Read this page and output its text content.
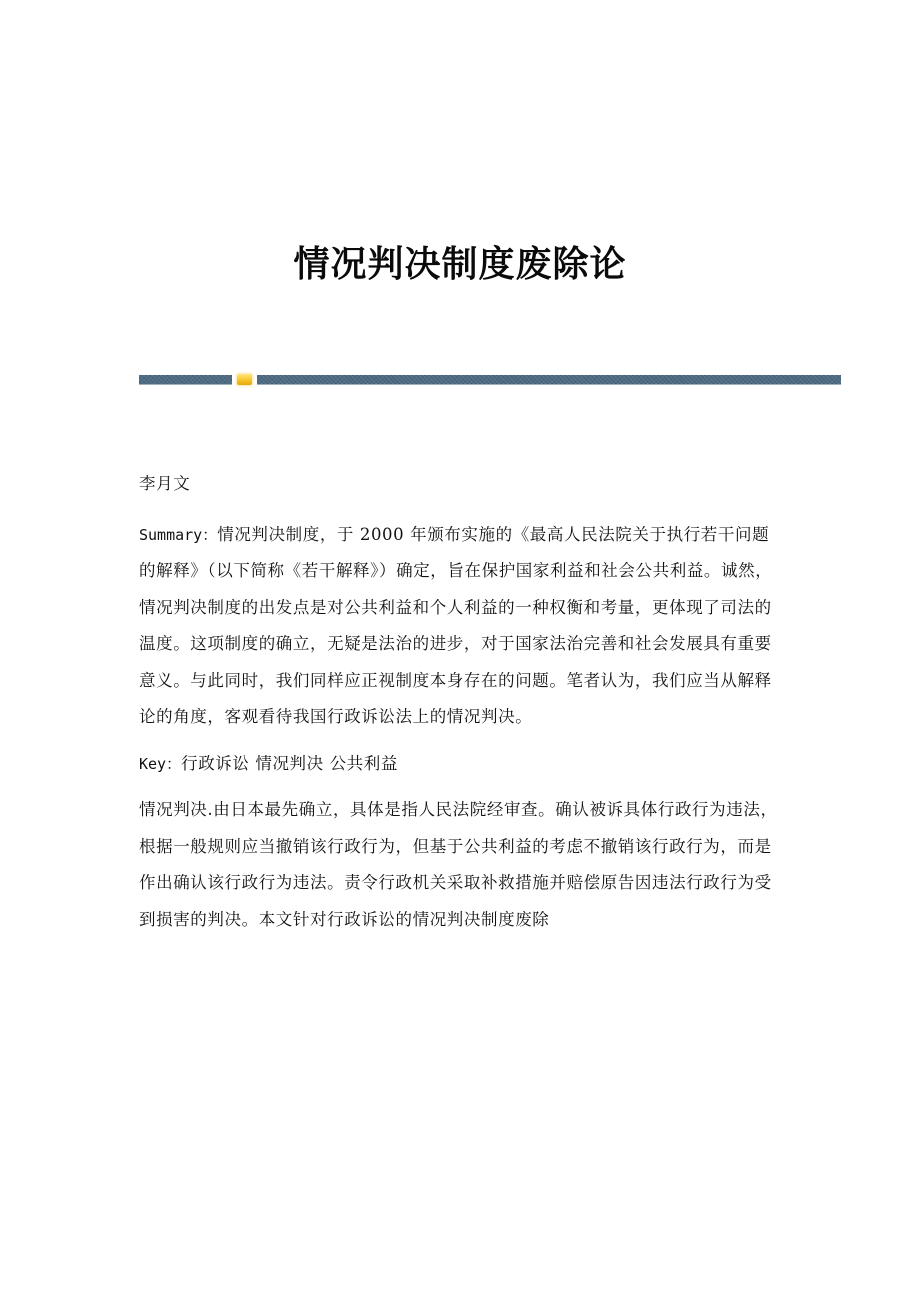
情况判决制度废除论

李月文

Summary：情况判决制度，于 2000 年颁布实施的《最高人民法院关于执行若干问题的解释》（以下简称《若干解释》）确定，旨在保护国家利益和社会公共利益。诚然，情况判决制度的出发点是对公共利益和个人利益的一种权衡和考量，更体现了司法的温度。这项制度的确立，无疑是法治的进步，对于国家法治完善和社会发展具有重要意义。与此同时，我们同样应正视制度本身存在的问题。笔者认为，我们应当从解释论的角度，客观看待我国行政诉讼法上的情况判决。

Key：行政诉讼 情况判决 公共利益

情况判决.由日本最先确立，具体是指人民法院经审查。确认被诉具体行政行为违法，根据一般规则应当撤销该行政行为，但基于公共利益的考虑不撤销该行政行为，而是作出确认该行政行为违法。责令行政机关采取补救措施并赔偿原告因违法行政行为受到损害的判决。本文针对行政诉讼的情况判决制度废除
